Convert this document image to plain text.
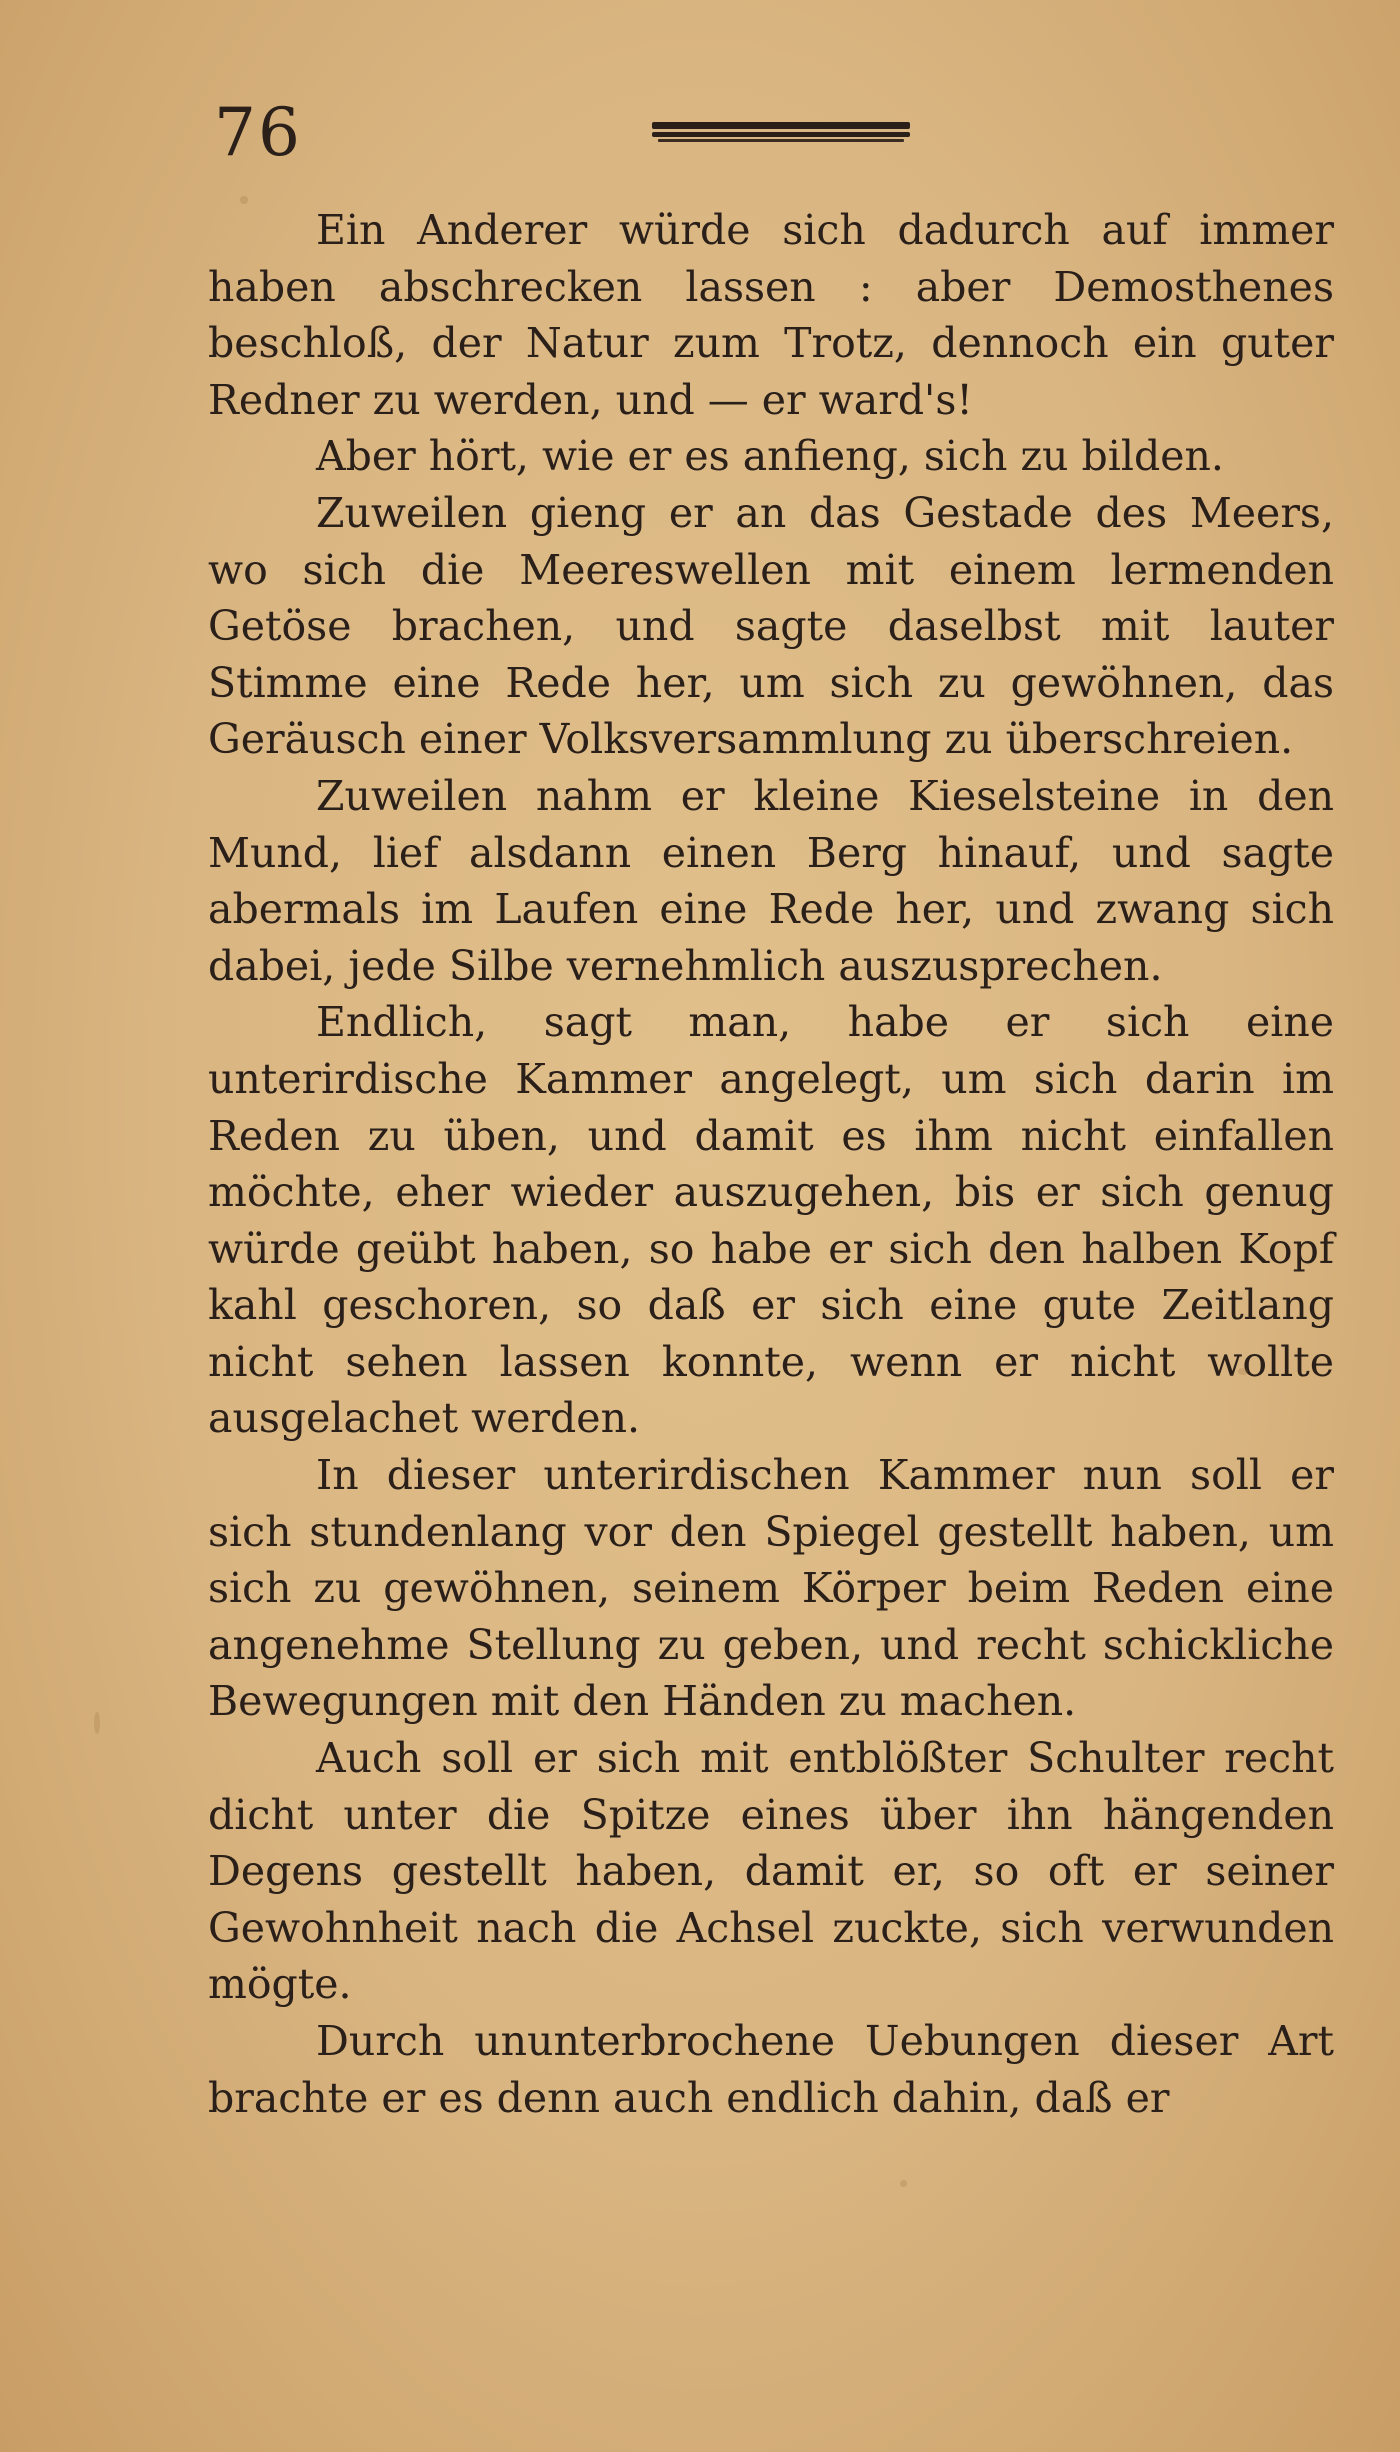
76

Ein Anderer würde sich dadurch auf immer haben abschrecken lassen : aber Demosthenes beschloß, der Natur zum Trotz, dennoch ein guter Redner zu werden, und — er ward's!

Aber hört, wie er es anfieng, sich zu bilden.

Zuweilen gieng er an das Gestade des Meers, wo sich die Meereswellen mit einem lermenden Getöse brachen, und sagte daselbst mit lauter Stimme eine Rede her, um sich zu gewöhnen, das Geräusch einer Volksversammlung zu überschreien.

Zuweilen nahm er kleine Kieselsteine in den Mund, lief alsdann einen Berg hinauf, und sagte abermals im Laufen eine Rede her, und zwang sich dabei, jede Silbe vernehmlich auszusprechen.

Endlich, sagt man, habe er sich eine unterirdische Kammer angelegt, um sich darin im Reden zu üben, und damit es ihm nicht einfallen möchte, eher wieder auszugehen, bis er sich genug würde geübt haben, so habe er sich den halben Kopf kahl geschoren, so daß er sich eine gute Zeitlang nicht sehen lassen konnte, wenn er nicht wollte ausgelachet werden.

In dieser unterirdischen Kammer nun soll er sich stundenlang vor den Spiegel gestellt haben, um sich zu gewöhnen, seinem Körper beim Reden eine angenehme Stellung zu geben, und recht schickliche Bewegungen mit den Händen zu machen.

Auch soll er sich mit entblößter Schulter recht dicht unter die Spitze eines über ihn hängenden Degens gestellt haben, damit er, so oft er seiner Gewohnheit nach die Achsel zuckte, sich verwunden mögte.

Durch ununterbrochene Uebungen dieser Art brachte er es denn auch endlich dahin, daß er
